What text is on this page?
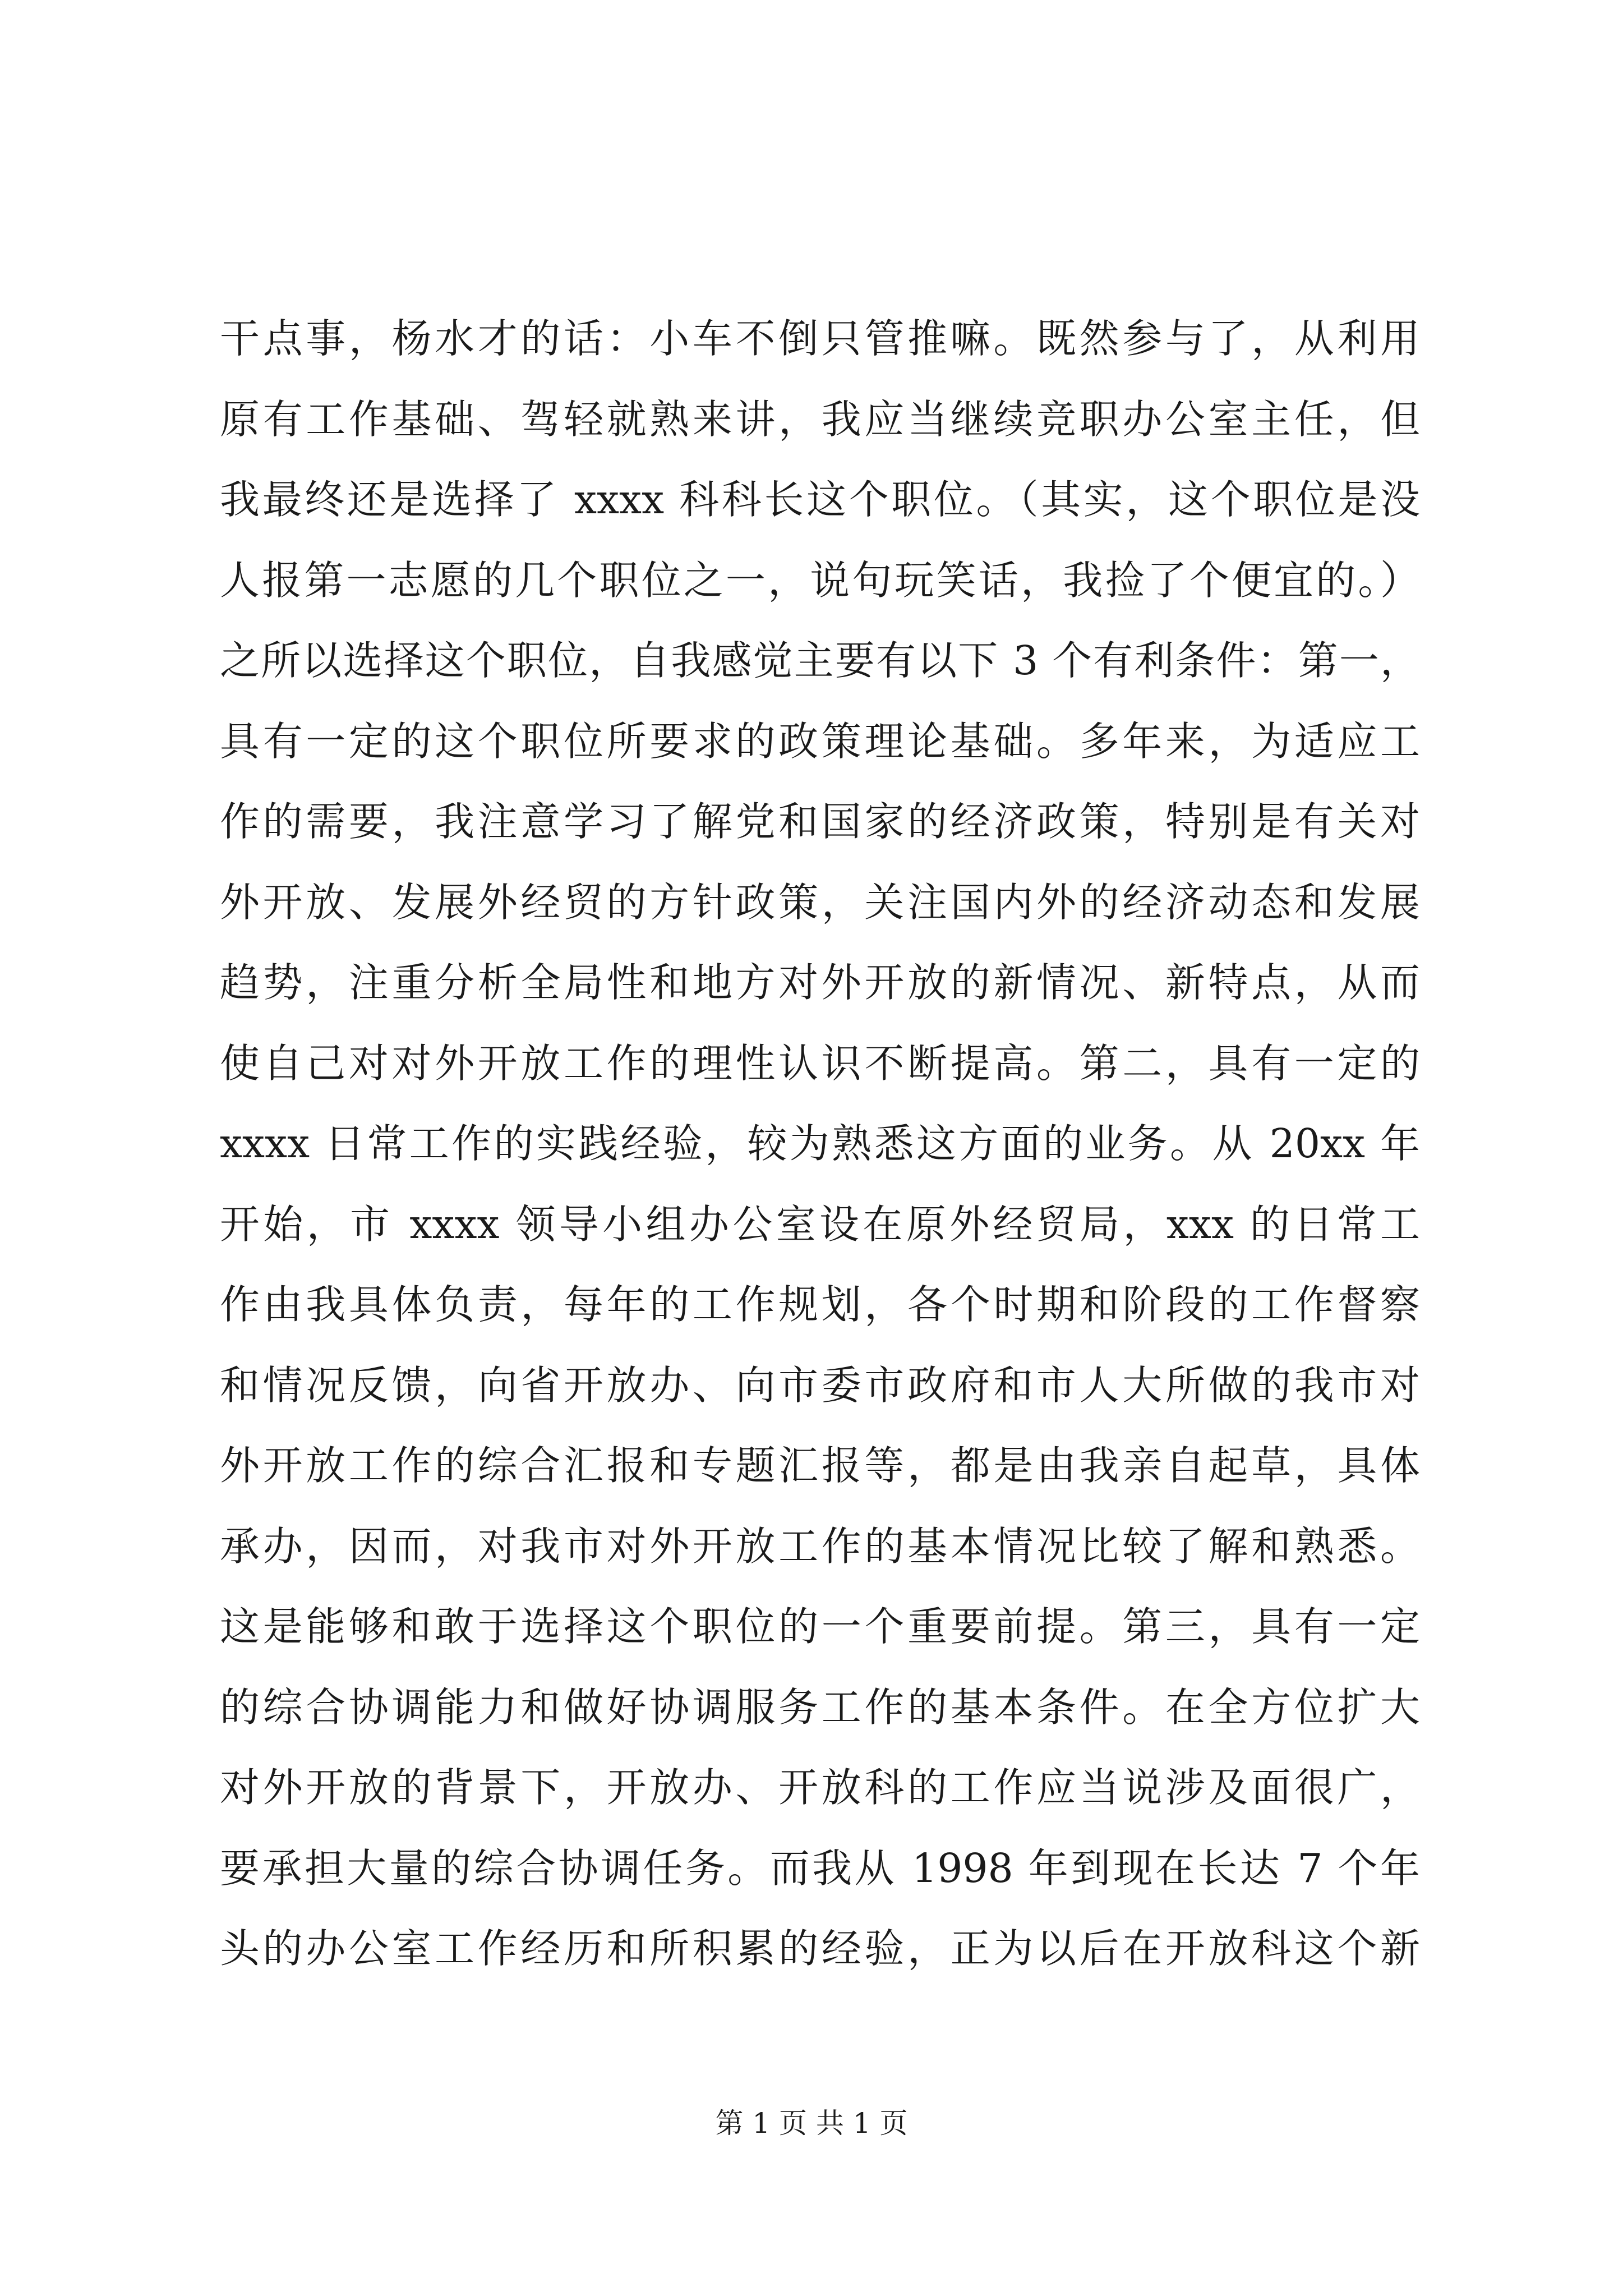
干点事，杨水才的话：小车不倒只管推嘛。既然参与了，从利用
原有工作基础、驾轻就熟来讲，我应当继续竞职办公室主任，但
我最终还是选择了 xxxx 科科长这个职位。（其实，这个职位是没
人报第一志愿的几个职位之一，说句玩笑话，我捡了个便宜的。）
之所以选择这个职位，自我感觉主要有以下 3 个有利条件：第一，
具有一定的这个职位所要求的政策理论基础。多年来，为适应工
作的需要，我注意学习了解党和国家的经济政策，特别是有关对
外开放、发展外经贸的方针政策，关注国内外的经济动态和发展
趋势，注重分析全局性和地方对外开放的新情况、新特点，从而
使自己对对外开放工作的理性认识不断提高。第二，具有一定的
xxxx 日常工作的实践经验，较为熟悉这方面的业务。从 20xx 年
开始，市 xxxx 领导小组办公室设在原外经贸局，xxx 的日常工
作由我具体负责，每年的工作规划，各个时期和阶段的工作督察
和情况反馈，向省开放办、向市委市政府和市人大所做的我市对
外开放工作的综合汇报和专题汇报等，都是由我亲自起草，具体
承办，因而，对我市对外开放工作的基本情况比较了解和熟悉。
这是能够和敢于选择这个职位的一个重要前提。第三，具有一定
的综合协调能力和做好协调服务工作的基本条件。在全方位扩大
对外开放的背景下，开放办、开放科的工作应当说涉及面很广，
要承担大量的综合协调任务。而我从 1998 年到现在长达 7 个年
头的办公室工作经历和所积累的经验，正为以后在开放科这个新
第 1 页 共 1 页
